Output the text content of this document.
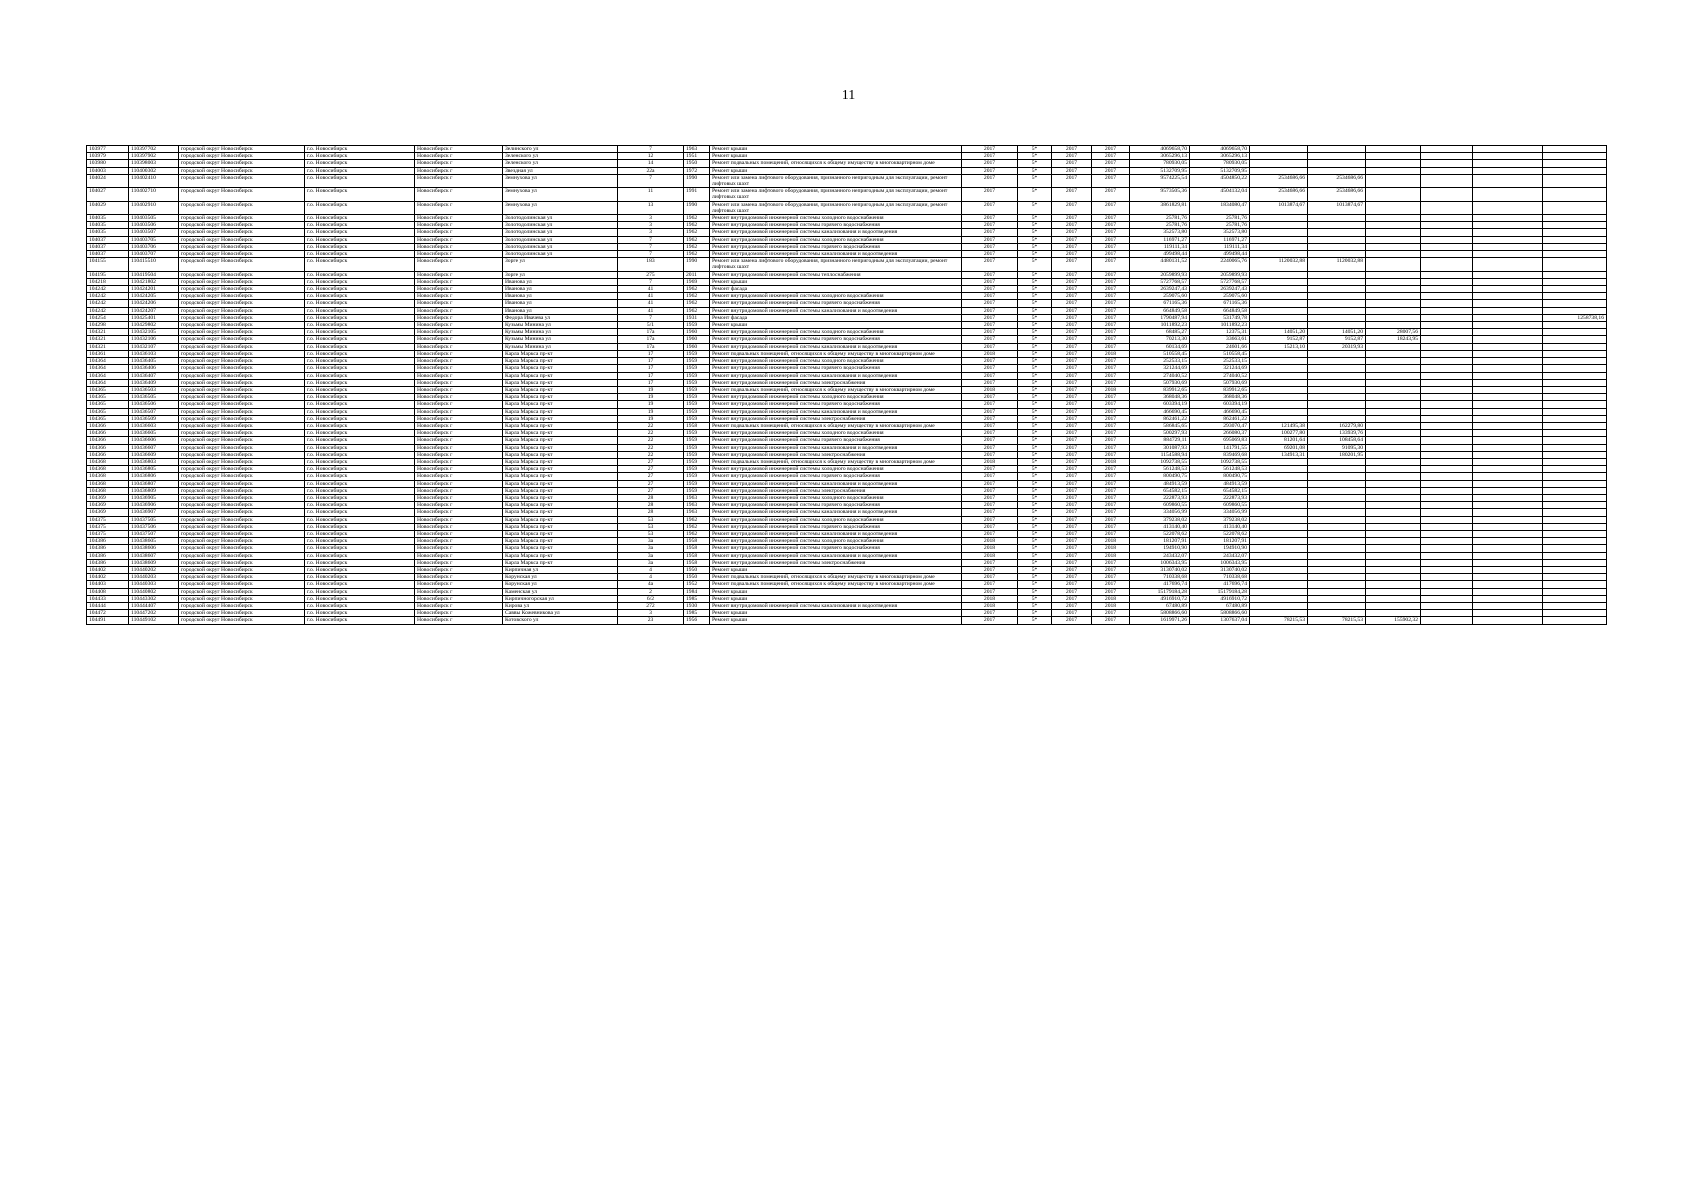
11
103977	110397702	городской округ Новосибирск	г.о. Новосибирск	Новосибирск г	Зелинского ул	7	1963	Ремонт крыши	2017	5*	2017	2017	4069658,70	4069658,70						
103979	110397902	городской округ Новосибирск	г.о. Новосибирск	Новосибирск г	Зеленского ул	12	1951	Ремонт крыши	2017	5*	2017	2017	3065296,13	3065296,13						
103980	110398003	городской округ Новосибирск	г.о. Новосибирск	Новосибирск г	Зеленского ул	14	1950	Ремонт подвальных помещений, относящихся к общему имуществу в многоквартирном доме	2017	5*	2017	2017	780930,05	780930,05						
104003	110400302	городской округ Новосибирск	г.о. Новосибирск	Новосибирск г	Звездная ул	22а	1972	Ремонт крыши	2017	5*	2017	2017	5132709,95	5132709,95						
104024	110402410	городской округ Новосибирск	г.о. Новосибирск	Новосибирск г	Земнухова ул	7	1990	Ремонт или замена лифтового оборудования, признанного непригодным для эксплуатации, ремонт лифтовых шахт	2017	5*	2017	2017	9574225,54	4504850,22	2534686,66	2534686,66				
104027	110402710	городской округ Новосибирск	г.о. Новосибирск	Новосибирск г	Земнухова ул	11	1991	Ремонт или замена лифтового оборудования, признанного непригодным для эксплуатации, ремонт лифтовых шахт	2017	5*	2017	2017	9573505,36	4504132,04	2534686,66	2534686,66				
104029	110402910	городской округ Новосибирск	г.о. Новосибирск	Новосибирск г	Земнухова ул	13	1990	Ремонт или замена лифтового оборудования, признанного непригодным для эксплуатации, ремонт лифтовых шахт	2017	5*	2017	2017	3861829,81	1834080,47	1013874,67	1013874,67				
104035	110403505	городской округ Новосибирск	г.о. Новосибирск	Новосибирск г	Золотодолинская ул	3	1962	Ремонт внутридомовой инженерной системы холодного водоснабжения	2017	5*	2017	2017	25781,76	25781,76						
104035	110403506	городской округ Новосибирск	г.о. Новосибирск	Новосибирск г	Золотодолинская ул	3	1962	Ремонт внутридомовой инженерной системы горячего водоснабжения	2017	5*	2017	2017	25781,76	25781,76						
104035	110403507	городской округ Новосибирск	г.о. Новосибирск	Новосибирск г	Золотодолинская ул	3	1962	Ремонт внутридомовой инженерной системы канализования и водоотведения	2017	5*	2017	2017	352573,80	352573,80						
104037	110403705	городской округ Новосибирск	г.о. Новосибирск	Новосибирск г	Золотодолинская ул	7	1962	Ремонт внутридомовой инженерной системы холодного водоснабжения	2017	5*	2017	2017	116971,27	116971,27						
104037	110403706	городской округ Новосибирск	г.о. Новосибирск	Новосибирск г	Золотодолинская ул	7	1962	Ремонт внутридомовой инженерной системы горячего водоснабжения	2017	5*	2017	2017	119111,34	119111,34						
104037	110403707	городской округ Новосибирск	г.о. Новосибирск	Новосибирск г	Золотодолинская ул	7	1962	Ремонт внутридомовой инженерной системы канализования и водоотведения	2017	5*	2017	2017	499498,44	499498,44						
104155	110415510	городской округ Новосибирск	г.о. Новосибирск	Новосибирск г	Зорге ул	183	1990	Ремонт или замена лифтового оборудования, признанного непригодным для эксплуатации, ремонт лифтовых шахт	2017	5*	2017	2017	4480131,52	2240065,76	1120032,88	1120032,88				
104195	110419504	городской округ Новосибирск	г.о. Новосибирск	Новосибирск г	Зорге ул	275	2011	Ремонт внутридомовой инженерной системы теплоснабжения	2017	5*	2017	2017	2059899,93	2059899,93						
104218	110421802	городской округ Новосибирск	г.о. Новосибирск	Новосибирск г	Иванова ул	7	1969	Ремонт крыши	2017	5*	2017	2017	5727768,57	5727768,57						
104242	110424201	городской округ Новосибирск	г.о. Новосибирск	Новосибирск г	Иванова ул	41	1962	Ремонт фасада	2017	5*	2017	2017	2639247,43	2639247,43						
104242	110424205	городской округ Новосибирск	г.о. Новосибирск	Новосибирск г	Иванова ул	41	1962	Ремонт внутридомовой инженерной системы холодного водоснабжения	2017	5*	2017	2017	259075,60	259075,60						
104242	110424206	городской округ Новосибирск	г.о. Новосибирск	Новосибирск г	Иванова ул	41	1962	Ремонт внутридомовой инженерной системы горячего водоснабжения	2017	5*	2017	2017	671165,36	671165,36						
104242	110424207	городской округ Новосибирск	г.о. Новосибирск	Новосибирск г	Иванова ул	41	1962	Ремонт внутридомовой инженерной системы канализования и водоотведения	2017	5*	2017	2017	664849,58	664849,58						
104254	110425401	городской округ Новосибирск	г.о. Новосибирск	Новосибирск г	Федора Ивачева ул	7	1931	Ремонт фасада	2017	5*	2017	2017	1790487,94	531749,78						1258738,16
104298	110429802	городской округ Новосибирск	г.о. Новосибирск	Новосибирск г	Кузьмы Минина ул	5/1	1959	Ремонт крыши	2017	5*	2017	2017	1011892,23	1011892,23						
104321	110432105	городской округ Новосибирск	г.о. Новосибирск	Новосибирск г	Кузьмы Минина ул	17а	1960	Ремонт внутридомовой инженерной системы холодного водоснабжения	2017	5*	2017	2017	68485,27	12375,31	14051,20	14051,20	28007,56			
104321	110432106	городской округ Новосибирск	г.о. Новосибирск	Новосибирск г	Кузьмы Минина ул	17а	1960	Ремонт внутридомовой инженерной системы горячего водоснабжения	2017	5*	2017	2017	70213,30	33663,61	9152,87	9152,87	18243,95			
104321	110432107	городской округ Новосибирск	г.о. Новосибирск	Новосибирск г	Кузьмы Минина ул	17а	1960	Ремонт внутридомовой инженерной системы канализования и водоотведения	2017	5*	2017	2017	60134,69	24601,66	15213,10	20319,93				
104361	110436103	городской округ Новосибирск	г.о. Новосибирск	Новосибирск г	Карла Маркса пр-кт	17	1959	Ремонт подвальных помещений, относящихся к общему имуществу в многоквартирном доме	2018	5*	2017	2018	510558,45	510558,45						
104364	110436405	городской округ Новосибирск	г.о. Новосибирск	Новосибирск г	Карла Маркса пр-кт	17	1959	Ремонт внутридомовой инженерной системы холодного водоснабжения	2017	5*	2017	2017	252533,15	252533,15						
104364	110436406	городской округ Новосибирск	г.о. Новосибирск	Новосибирск г	Карла Маркса пр-кт	17	1959	Ремонт внутридомовой инженерной системы горячего водоснабжения	2017	5*	2017	2017	321244,69	321244,69						
104364	110436407	городской округ Новосибирск	г.о. Новосибирск	Новосибирск г	Карла Маркса пр-кт	17	1959	Ремонт внутридомовой инженерной системы канализования и водоотведения	2017	5*	2017	2017	274040,52	274040,52						
104364	110436409	городской округ Новосибирск	г.о. Новосибирск	Новосибирск г	Карла Маркса пр-кт	17	1959	Ремонт внутридомовой инженерной системы электроснабжения	2017	5*	2017	2017	507930,69	507930,69						
104365	110436503	городской округ Новосибирск	г.о. Новосибирск	Новосибирск г	Карла Маркса пр-кт	19	1959	Ремонт подвальных помещений, относящихся к общему имуществу в многоквартирном доме	2018	5*	2017	2018	839912,65	839912,65						
104365	110436505	городской округ Новосибирск	г.о. Новосибирск	Новосибирск г	Карла Маркса пр-кт	19	1959	Ремонт внутридомовой инженерной системы холодного водоснабжения	2017	5*	2017	2017	368048,36	368048,36						
104365	110436506	городской округ Новосибирск	г.о. Новосибирск	Новосибирск г	Карла Маркса пр-кт	19	1959	Ремонт внутридомовой инженерной системы горячего водоснабжения	2017	5*	2017	2017	603394,19	603394,19						
104365	110436507	городской округ Новосибирск	г.о. Новосибирск	Новосибирск г	Карла Маркса пр-кт	19	1959	Ремонт внутридомовой инженерной системы канализования и водоотведения	2017	5*	2017	2017	466690,45	466690,45						
104365	110436509	городской округ Новосибирск	г.о. Новосибирск	Новосибирск г	Карла Маркса пр-кт	19	1959	Ремонт внутридомовой инженерной системы электроснабжения	2017	5*	2017	2017	862461,22	862461,22						
104366	110436603	городской округ Новосибирск	г.о. Новосибирск	Новосибирск г	Карла Маркса пр-кт	22	1958	Ремонт подвальных помещений, относящихся к общему имуществу в многоквартирном доме	2017	5*	2017	2017	586845,65	293070,47	121495,38	162279,80				
104366	110436605	городской округ Новосибирск	г.о. Новосибирск	Новосибирск г	Карла Маркса пр-кт	22	1959	Ремонт внутридомовой инженерной системы холодного водоснабжения	2017	5*	2017	2017	500297,93	266080,37	100277,80	133939,76				
104366	110436606	городской округ Новосибирск	г.о. Новосибирск	Новосибирск г	Карла Маркса пр-кт	22	1959	Ремонт внутридомовой инженерной системы горячего водоснабжения	2017	5*	2017	2017	884729,11	695069,83	81201,64	108458,64				
104366	110436607	городской округ Новосибирск	г.о. Новосибирск	Новосибирск г	Карла Маркса пр-кт	22	1959	Ремонт внутридомовой инженерной системы канализования и водоотведения	2017	5*	2017	2017	301087,93	141791,55	69201,08	91095,30				
104366	110436609	городской округ Новосибирск	г.о. Новосибирск	Новосибирск г	Карла Маркса пр-кт	22	1959	Ремонт внутридомовой инженерной системы электроснабжения	2017	5*	2017	2017	1154588,94	839469,68	134913,31	180201,95				
104368	110436803	городской округ Новосибирск	г.о. Новосибирск	Новосибирск г	Карла Маркса пр-кт	27	1959	Ремонт подвальных помещений, относящихся к общему имуществу в многоквартирном доме	2018	5*	2017	2018	1092738,55	1092738,55						
104368	110436805	городской округ Новосибирск	г.о. Новосибирск	Новосибирск г	Карла Маркса пр-кт	27	1959	Ремонт внутридомовой инженерной системы холодного водоснабжения	2017	5*	2017	2017	561248,53	561248,53						
104368	110436806	городской округ Новосибирск	г.о. Новосибирск	Новосибирск г	Карла Маркса пр-кт	27	1959	Ремонт внутридомовой инженерной системы горячего водоснабжения	2017	5*	2017	2017	800490,75	800490,75						
104368	110436807	городской округ Новосибирск	г.о. Новосибирск	Новосибирск г	Карла Маркса пр-кт	27	1959	Ремонт внутридомовой инженерной системы канализования и водоотведения	2017	5*	2017	2017	484913,59	484913,59						
104368	110436809	городской округ Новосибирск	г.о. Новосибирск	Новосибирск г	Карла Маркса пр-кт	27	1959	Ремонт внутридомовой инженерной системы электроснабжения	2017	5*	2017	2017	654582,15	654582,15						
104369	110436905	городской округ Новосибирск	г.о. Новосибирск	Новосибирск г	Карла Маркса пр-кт	28	1963	Ремонт внутридомовой инженерной системы холодного водоснабжения	2017	5*	2017	2017	222873,93	222873,93						
104369	110436906	городской округ Новосибирск	г.о. Новосибирск	Новосибирск г	Карла Маркса пр-кт	28	1963	Ремонт внутридомовой инженерной системы горячего водоснабжения	2017	5*	2017	2017	609860,55	609860,55						
104369	110436907	городской округ Новосибирск	г.о. Новосибирск	Новосибирск г	Карла Маркса пр-кт	28	1963	Ремонт внутридомовой инженерной системы канализования и водоотведения	2017	5*	2017	2017	334056,99	334056,99						
104375	110437505	городской округ Новосибирск	г.о. Новосибирск	Новосибирск г	Карла Маркса пр-кт	53	1962	Ремонт внутридомовой инженерной системы холодного водоснабжения	2017	5*	2017	2017	379238,02	379238,02						
104375	110437506	городской округ Новосибирск	г.о. Новосибирск	Новосибирск г	Карла Маркса пр-кт	53	1962	Ремонт внутридомовой инженерной системы горячего водоснабжения	2017	5*	2017	2017	413140,40	413140,40						
104375	110437507	городской округ Новосибирск	г.о. Новосибирск	Новосибирск г	Карла Маркса пр-кт	53	1962	Ремонт внутридомовой инженерной системы канализования и водоотведения	2017	5*	2017	2017	522078,62	522078,62						
104386	110438605	городской округ Новосибирск	г.о. Новосибирск	Новосибирск г	Карла Маркса пр-кт	3а	1958	Ремонт внутридомовой инженерной системы холодного водоснабжения	2018	5*	2017	2018	181207,91	181207,91						
104386	110438606	городской округ Новосибирск	г.о. Новосибирск	Новосибирск г	Карла Маркса пр-кт	3а	1958	Ремонт внутридомовой инженерной системы горячего водоснабжения	2018	5*	2017	2018	194910,90	194910,90						
104386	110438607	городской округ Новосибирск	г.о. Новосибирск	Новосибирск г	Карла Маркса пр-кт	3а	1958	Ремонт внутридомовой инженерной системы канализования и водоотведения	2018	5*	2017	2018	243432,07	243432,07						
104386	110438609	городской округ Новосибирск	г.о. Новосибирск	Новосибирск г	Карла Маркса пр-кт	3а	1958	Ремонт внутридомовой инженерной системы электроснабжения	2017	5*	2017	2017	1006343,95	1006343,95						
104402	110440202	городской округ Новосибирск	г.о. Новосибирск	Новосибирск г	Кирпичная ул	4	1950	Ремонт крыши	2017	5*	2017	2017	3130740,02	3130740,02						
104402	110440203	городской округ Новосибирск	г.о. Новосибирск	Новосибирск г	Корунская ул	4	1950	Ремонт подвальных помещений, относящихся к общему имуществу в многоквартирном доме	2017	5*	2017	2017	710338,68	710338,68						
104403	110440303	городской округ Новосибирск	г.о. Новосибирск	Новосибирск г	Корунская ул	4а	1952	Ремонт подвальных помещений, относящихся к общему имуществу в многоквартирном доме	2017	5*	2017	2017	417696,74	417696,74						
104408	110440802	городской округ Новосибирск	г.о. Новосибирск	Новосибирск г	Каменская ул	2	1984	Ремонт крыши	2017	5*	2017	2017	15179184,28	15179184,28						
104433	110443302	городской округ Новосибирск	г.о. Новосибирск	Новосибирск г	Кирпичногорская ул	6/2	1985	Ремонт крыши	2018	5*	2017	2018	4916910,72	4916910,72						
104444	110444407	городской округ Новосибирск	г.о. Новосибирск	Новосибирск г	Кирова ул	272	1930	Ремонт внутридомовой инженерной системы канализования и водоотведения	2018	5*	2017	2018	67480,89	67480,89						
104472	110447202	городской округ Новосибирск	г.о. Новосибирск	Новосибирск г	Саввы Кожевникова ул	3	1985	Ремонт крыши	2017	5*	2017	2017	5808866,60	5808866,60						
104491	110449102	городской округ Новосибирск	г.о. Новосибирск	Новосибирск г	Котовского ул	23	1956	Ремонт крыши	2017	5*	2017	2017	1619971,26	1307637,04	78215,53	78215,53	155902,32			
